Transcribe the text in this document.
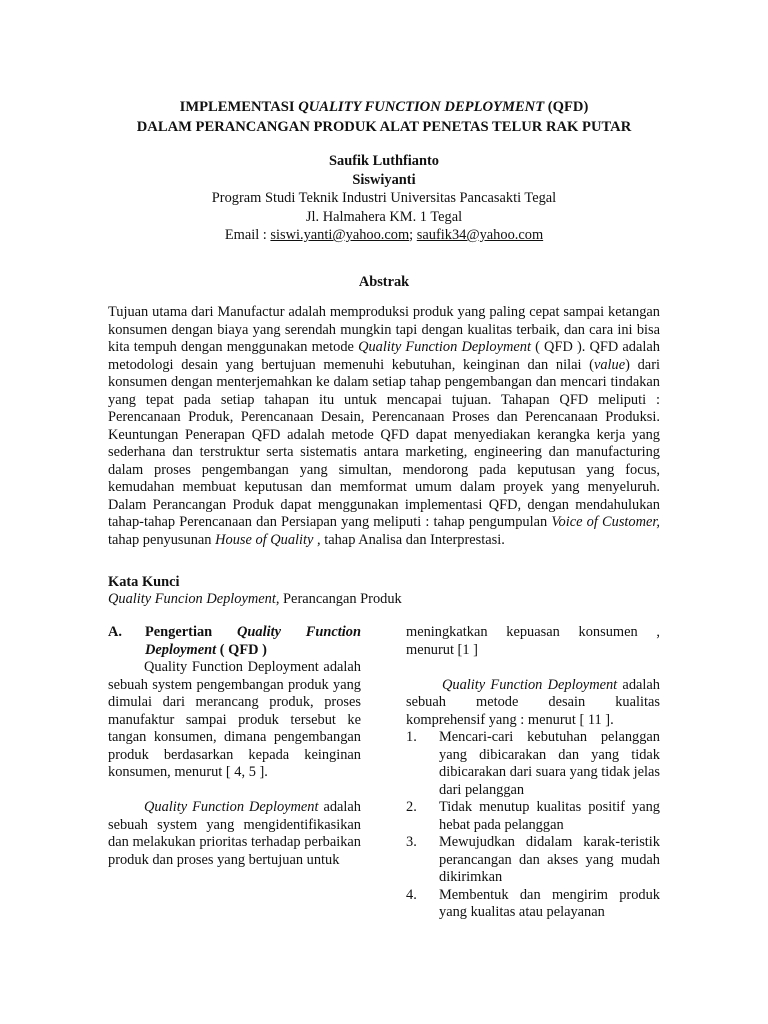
IMPLEMENTASI QUALITY FUNCTION DEPLOYMENT (QFD)
DALAM PERANCANGAN PRODUK ALAT PENETAS TELUR RAK PUTAR
Saufik Luthfianto
Siswiyanti
Program Studi Teknik Industri Universitas Pancasakti Tegal
Jl. Halmahera KM. 1 Tegal
Email : siswi.yanti@yahoo.com; saufik34@yahoo.com
Abstrak
Tujuan utama dari Manufactur adalah memproduksi produk yang paling cepat sampai ketangan konsumen dengan biaya yang serendah mungkin tapi dengan kualitas terbaik, dan cara ini bisa kita tempuh dengan menggunakan metode Quality Function Deployment ( QFD ). QFD adalah metodologi desain yang bertujuan memenuhi kebutuhan, keinginan dan nilai (value) dari konsumen dengan menterjemahkan ke dalam setiap tahap pengembangan dan mencari tindakan yang tepat pada setiap tahapan itu untuk mencapai tujuan. Tahapan QFD meliputi : Perencanaan Produk, Perencanaan Desain, Perencanaan Proses dan Perencanaan Produksi. Keuntungan Penerapan QFD adalah metode QFD dapat menyediakan kerangka kerja yang sederhana dan terstruktur serta sistematis antara marketing, engineering dan manufacturing dalam proses pengembangan yang simultan, mendorong pada keputusan yang focus, kemudahan membuat keputusan dan memformat umum dalam proyek yang menyeluruh. Dalam Perancangan Produk dapat menggunakan implementasi QFD, dengan mendahulukan tahap-tahap Perencanaan dan Persiapan yang meliputi : tahap pengumpulan Voice of Customer, tahap penyusunan House of Quality , tahap Analisa dan Interprestasi.
Kata Kunci
Quality Funcion Deployment, Perancangan Produk
A.	Pengertian Quality Function Deployment ( QFD )

Quality Function Deployment adalah sebuah system pengembangan produk yang dimulai dari merancang produk, proses manufaktur sampai produk tersebut ke tangan konsumen, dimana pengembangan produk berdasarkan kepada keinginan konsumen, menurut [ 4, 5 ].

Quality Function Deployment adalah sebuah system yang mengidentifikasikan dan melakukan prioritas terhadap perbaikan produk dan proses yang bertujuan untuk

meningkatkan kepuasan konsumen , menurut [1 ]

Quality Function Deployment adalah sebuah metode desain kualitas komprehensif yang : menurut [ 11 ].

1.	Mencari-cari kebutuhan pelanggan yang dibicarakan dan yang tidak dibicarakan dari suara yang tidak jelas dari pelanggan
2.	Tidak menutup kualitas positif yang hebat pada pelanggan
3.	Mewujudkan didalam karak-teristik perancangan dan akses yang mudah dikirimkan
4.	Membentuk dan mengirim produk yang kualitas atau pelayanan
